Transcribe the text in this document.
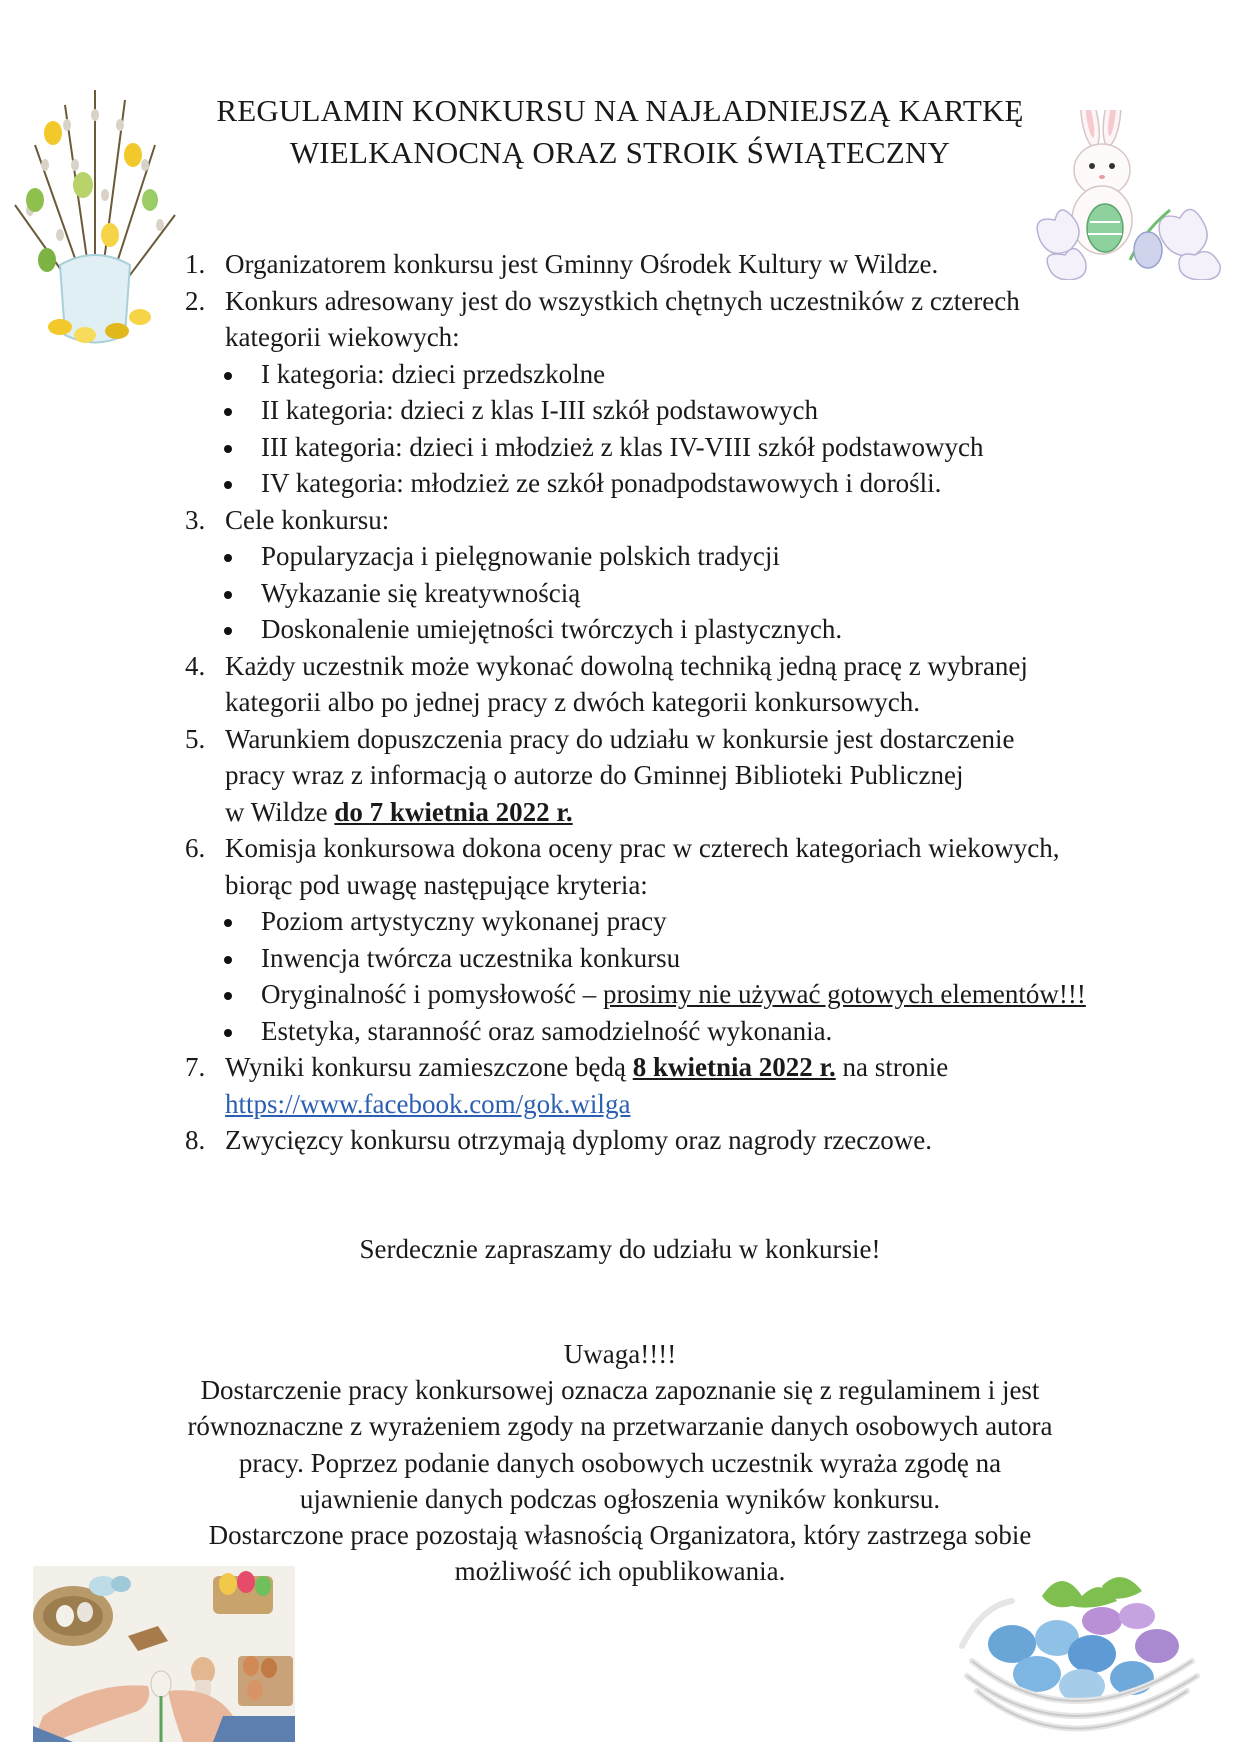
REGULAMIN KONKURSU NA NAJŁADNIEJSZĄ KARTKĘ
WIELKANOCNĄ ORAZ STROIK ŚWIĄTECZNY
1. Organizatorem konkursu jest Gminny Ośrodek Kultury w Wildze.
2. Konkurs adresowany jest do wszystkich chętnych uczestników z czterech kategorii wiekowych:
I kategoria: dzieci przedszkolne
II kategoria: dzieci z klas I-III szkół podstawowych
III kategoria: dzieci i młodzież z klas IV-VIII szkół podstawowych
IV kategoria: młodzież ze szkół ponadpodstawowych i dorośli.
3. Cele konkursu:
Popularyzacja i pielęgnowanie polskich tradycji
Wykazanie się kreatywnością
Doskonalenie umiejętności twórczych i plastycznych.
4. Każdy uczestnik może wykonać dowolną techniką jedną pracę z wybranej kategorii albo po jednej pracy z dwóch kategorii konkursowych.
5. Warunkiem dopuszczenia pracy do udziału w konkursie jest dostarczenie
pracy wraz z informacją o autorze do Gminnej Biblioteki Publicznej
w Wildze do 7 kwietnia 2022 r.
6. Komisja konkursowa dokona oceny prac w czterech kategoriach wiekowych, biorąc pod uwagę następujące kryteria:
Poziom artystyczny wykonanej pracy
Inwencja twórcza uczestnika konkursu
Oryginalność i pomysłowość – prosimy nie używać gotowych elementów!!!
Estetyka, staranność oraz samodzielność wykonania.
7. Wyniki konkursu zamieszczone będą 8 kwietnia 2022 r. na stronie
https://www.facebook.com/gok.wilga
8. Zwycięzcy konkursu otrzymają dyplomy oraz nagrody rzeczowe.
Serdecznie zapraszamy do udziału w konkursie!
Uwaga!!!!
Dostarczenie pracy konkursowej oznacza zapoznanie się z regulaminem i jest
równoznaczne z wyrażeniem zgody na przetwarzanie danych osobowych autora
pracy. Poprzez podanie danych osobowych uczestnik wyraża zgodę na
ujawnienie danych podczas ogłoszenia wyników konkursu.
Dostarczone prace pozostają własnością Organizatora, który zastrzega sobie
możliwość ich opublikowania.
